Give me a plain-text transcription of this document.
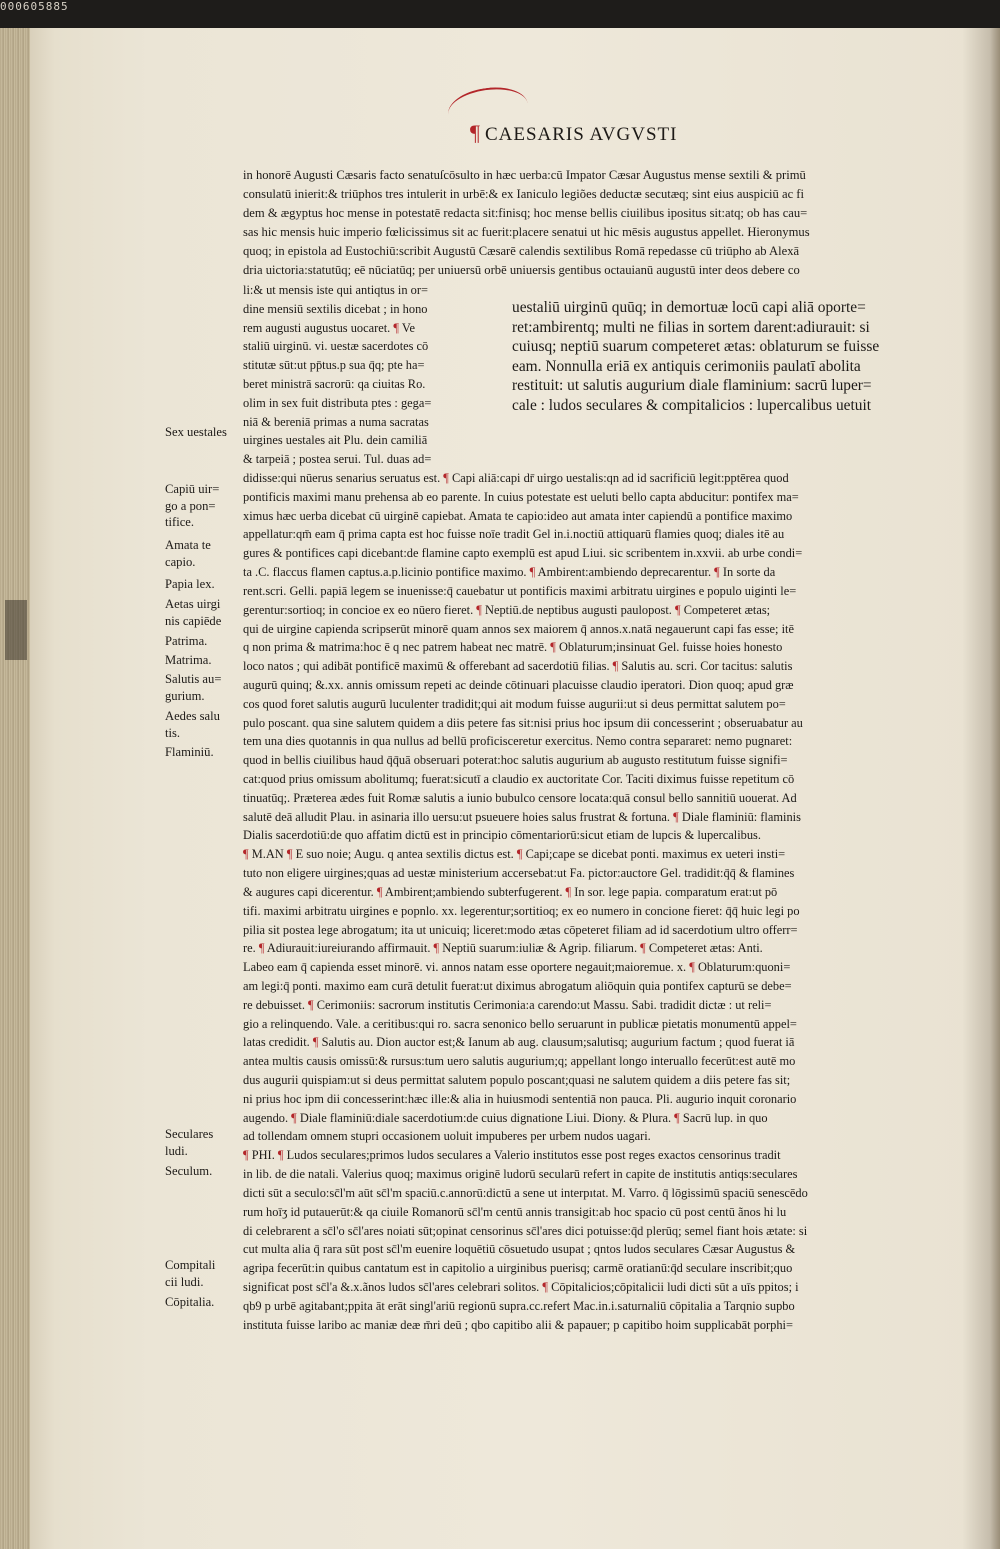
000605885
¶ CAESARIS AVGVSTI
in honorē Augusti Cæsaris facto senatuſcōsulto in hæc uerba:cū Impator Cæsar Augustus mense sextili & primū
consulatū inierit:& triūphos tres intulerit in urbē:& ex Ianiculo legiões deductæ secutæq; sint eius auspiciū ac fi
dem & ægyptus hoc mense in potestatē redacta sit:finisq; hoc mense bellis ciuilibus ipositus sit:atq; ob has cau=
sas hic mensis huic imperio fœlicissimus sit ac fuerit:placere senatui ut hic mēsis augustus appellet. Hieronymus
quoq; in epistola ad Eustochiū:scribit Augustū Cæsarē calendis sextilibus Romā repedasse cū triūpho ab Alexā
dria uictoria:statutūq; eē nūciatūq; per uniuersū orbē uniuersis gentibus octauianū augustū inter deos debere co
li:& ut mensis iste qui antiqtus in or=
dine mensiū sextilis dicebat ; in hono
rem augusti augustus uocaret. ¶ Ve
staliū uirginū. vi. uestæ sacerdotes cō
stitutæ sūt:ut pp̄tus.p sua q̄q; pte ha=
beret ministrā sacrorū: qa ciuitas Ro.
olim in sex fuit distributa ptes : gega=
niā & bereniā primas a numa sacratas
uirgines uestales ait Plu. dein camiliā
& tarpeiā ; postea serui. Tul. duas ad=
uestaliū uirginū quūq; in demortuæ locū capi aliā oporte=
ret:ambirentq; multi ne filias in sortem darent:adiurauit: si
cuiusq; neptiū suarum competeret ætas: oblaturum se fuisse
eam. Nonnulla eriā ex antiquis cerimoniis paulatī abolita
restituit: ut salutis augurium diale flaminium: sacrū luper=
cale : ludos seculares & compitalicios : lupercalibus uetuit
didisse:qui nūerus senarius seruatus est. ¶ Capi aliā:capi dr̄ uirgo uestalis:qn ad id sacrificiū legit:pptērea quod
pontificis maximi manu prehensa ab eo parente. In cuius potestate est ueluti bello capta abducitur: pontifex ma=
ximus hæc uerba dicebat cū uirginē capiebat. Amata te capio:ideo aut amata inter capiendū a pontifice maximo
appellatur:qm̄ eam q̄ prima capta est hoc fuisse noīe tradit Gel in.i.noctiū attiquarū flamies quoq; diales itē au
gures & pontifices capi dicebant:de flamine capto exemplū est apud Liui. sic scribentem in.xxvii. ab urbe condi=
ta .C. flaccus flamen captus.a.p.licinio pontifice maximo. ¶ Ambirent:ambiendo deprecarentur. ¶ In sorte da
rent.scri. Gelli. papiā legem se inuenisse:q̄ cauebatur ut pontificis maximi arbitratu uirgines e populo uiginti le=
gerentur:sortioq; in concioe ex eo nūero fieret. ¶ Neptiū.de neptibus augusti paulopost. ¶ Competeret ætas;
qui de uirgine capienda scripserūt minorē quam annos sex maiorem q̄ annos.x.natā negauerunt capi fas esse; itē
q non prima & matrima:hoc ē q nec patrem habeat nec matrē. ¶ Oblaturum;insinuat Gel. fuisse hoies honesto
loco natos ; qui adibāt pontificē maximū & offerebant ad sacerdotiū filias. ¶ Salutis au. scri. Cor tacitus: salutis
augurū quinq; &.xx. annis omissum repeti ac deinde cōtinuari placuisse claudio iperatori. Dion quoq; apud græ
cos quod foret salutis augurū luculenter tradidit;qui ait modum fuisse augurii:ut si deus permittat salutem po=
pulo poscant. qua sine salutem quidem a diis petere fas sit:nisi prius hoc ipsum dii concesserint ; obseruabatur au
tem una dies quotannis in qua nullus ad bellū proficisceretur exercitus. Nemo contra separaret: nemo pugnaret:
quod in bellis ciuilibus haud q̄q̄uā obseruari poterat:hoc salutis augurium ab augusto restitutum fuisse signifi=
cat:quod prius omissum abolitumq; fuerat:sicutī a claudio ex auctoritate Cor. Taciti diximus fuisse repetitum cō
tinuatūq;. Præterea ædes fuit Romæ salutis a iunio bubulco censore locata:quā consul bello sannitiū uouerat. Ad
salutē deā alludit Plau. in asinaria illo uersu:ut psueuere hoies salus frustrat & fortuna. ¶ Diale flaminiū: flaminis
Dialis sacerdotiū:de quo affatim dictū est in principio cōmentariorū:sicut etiam de lupcis & lupercalibus.
¶ M.AN ¶ E suo noie; Augu. q antea sextilis dictus est. ¶ Capi;cape se dicebat ponti. maximus ex ueteri insti=
tuto non eligere uirgines;quas ad uestæ ministerium accersebat:ut Fa. pictor:auctore Gel. tradidit:q̄q̄ & flamines
& augures capi dicerentur. ¶ Ambirent;ambiendo subterfugerent. ¶ In sor. lege papia. comparatum erat:ut pō
tifi. maximi arbitratu uirgines e popnlo. xx. legerentur;sortitioq; ex eo numero in concione fieret: q̄q̄ huic legi po
pilia sit postea lege abrogatum; ita ut unicuiq; liceret:modo ætas cōpeteret filiam ad id sacerdotium ultro offerr=
re. ¶ Adiurauit:iureiurando affirmauit. ¶ Neptiū suarum:iuliæ & Agrip. filiarum. ¶ Competeret ætas: Anti.
Labeo eam q̄ capienda esset minorē. vi. annos natam esse oportere negauit;maioremue. x. ¶ Oblaturum:quoni=
am legi:q̄ ponti. maximo eam curā detulit fuerat:ut diximus abrogatum aliōquin quia pontifex capturū se debe=
re debuisset. ¶ Cerimoniis: sacrorum institutis Cerimonia:a carendo:ut Massu. Sabi. tradidit dictæ : ut reli=
gio a relinquendo. Vale. a ceritibus:qui ro. sacra senonico bello seruarunt in publicæ pietatis monumentū appel=
latas credidit. ¶ Salutis au. Dion auctor est;& Ianum ab aug. clausum;salutisq; augurium factum ; quod fuerat iā
antea multis causis omissū:& rursus:tum uero salutis augurium;q; appellant longo interuallo fecerūt:est autē mo
dus augurii quispiam:ut si deus permittat salutem populo poscant;quasi ne salutem quidem a diis petere fas sit;
ni prius hoc ipm dii concesserint:hæc ille:& alia in huiusmodi sententiā non pauca. Pli. augurio inquit coronario
augendo. ¶ Diale flaminiū:diale sacerdotium:de cuius dignatione Liui. Diony. & Plura. ¶ Sacrū lup. in quo
ad tollendam omnem stupri occasionem uoluit impuberes per urbem nudos uagari.
¶ PHI. ¶ Ludos seculares;primos ludos seculares a Valerio institutos esse post reges exactos censorinus tradit
in lib. de die natali. Valerius quoq; maximus originē ludorū secularū refert in capite de institutis antiqs:seculares
dicti sūt a seculo:sc̄l'm aūt sc̄l'm spaciū.c.annorū:dictū a sene ut interpıtat. M. Varro. q̄ lōgissimū spaciū senescēdo
rum hoīʒ id putauerūt:& qa ciuile Romanorū sc̄l'm centū annis transigit:ab hoc spacio cū post centū ãnos hi lu
di celebrarent a sc̄l'o sc̄l'ares noiati sūt;opinat censorinus sc̄l'ares dici potuisse:q̄d plerūq; semel fiant hois ætate: si
cut multa alia q̄ rara sūt post sc̄l'm euenire loquētiū cōsuetudo usupat ; qntos ludos seculares Cæsar Augustus &
agripa fecerūt:in quibus cantatum est in capitolio a uirginibus puerisq; carmē oratianū:q̄d seculare inscribit;quo
significat post sc̄l'a &.x.ãnos ludos sc̄l'ares celebrari solitos. ¶ Cōpitalicios;cōpitalicii ludi dicti sūt a uīs ppitos; i
qb9 p urbē agitabant;ppita āt erāt singl'ariū regionū supra.cc.refert Mac.in.i.saturnaliū cōpitalia a Tarqnio supbo
instituta fuisse laribo ac maniæ deæ m̄ri deū ; qbo capitibo alii & papauer; p capitibo hoim supplicabāt porphi=
Sex uestales
Capiū uir=
go a pon=
tifice.
Amata te
capio.
Papia lex.
Aetas uirgi
nis capiēde
Patrima.
Matrima.
Salutis au=
gurium.
Aedes salu
tis.
Flaminiū.
Seculares
ludi.
Seculum.
Compitali
cii ludi.
Cōpitalia.
